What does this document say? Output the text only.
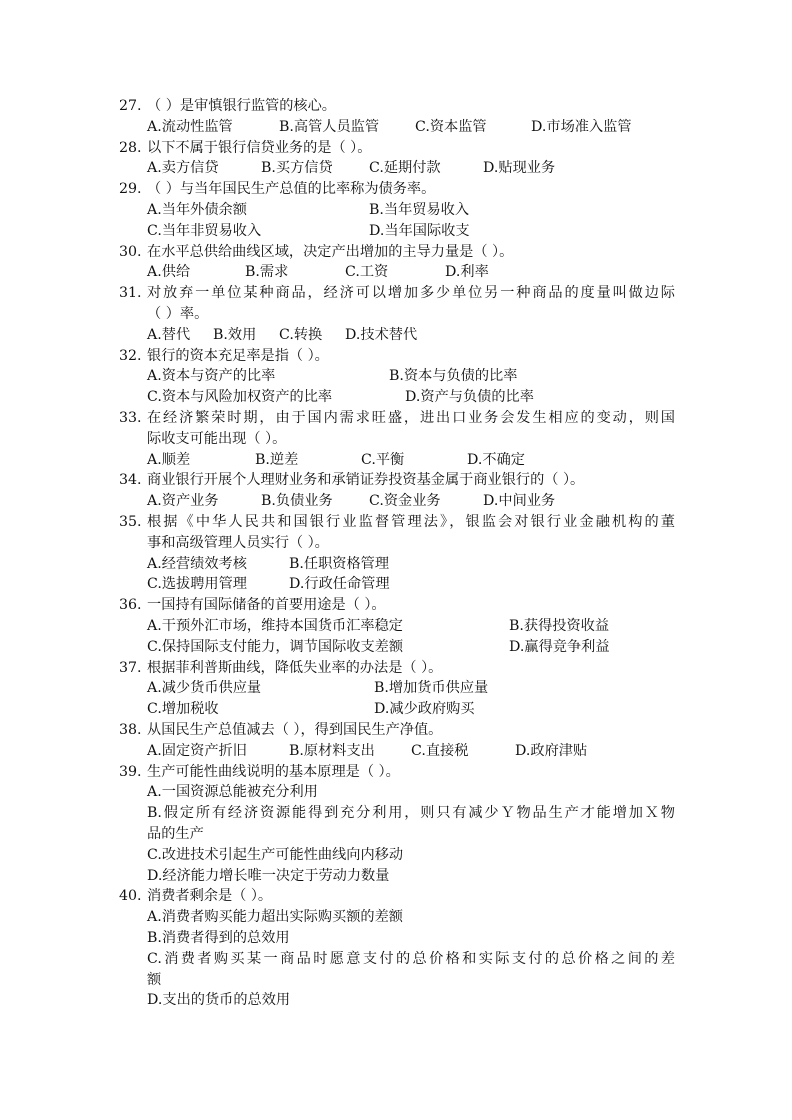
27. （ ）是审慎银行监管的核心。
A.流动性监管	B.高管人员监管	C.资本监管	D.市场准入监管
28. 以下不属于银行信贷业务的是（ ）。
A.卖方信贷	B.买方信贷	C.延期付款	D.贴现业务
29. （ ）与当年国民生产总值的比率称为债务率。
A.当年外债余额	B.当年贸易收入
C.当年非贸易收入	D.当年国际收支
30. 在水平总供给曲线区域，决定产出增加的主导力量是（ ）。
A.供给	B.需求	C.工资	D.利率
31. 对放弃一单位某种商品，经济可以增加多少单位另一种商品的度量叫做边际
（ ）率。
A.替代 B.效用 C.转换 D.技术替代
32. 银行的资本充足率是指（ ）。
A.资本与资产的比率	B.资本与负债的比率
C.资本与风险加权资产的比率	D.资产与负债的比率
33. 在经济繁荣时期，由于国内需求旺盛，进出口业务会发生相应的变动，则国
际收支可能出现（ ）。
A.顺差	B.逆差	C.平衡	D.不确定
34. 商业银行开展个人理财业务和承销证券投资基金属于商业银行的（ ）。
A.资产业务	B.负债业务	C.资金业务	D.中间业务
35. 根据《中华人民共和国银行业监督管理法》，银监会对银行业金融机构的董
事和高级管理人员实行（ ）。
A.经营绩效考核	B.任职资格管理
C.选拔聘用管理	D.行政任命管理
36. 一国持有国际储备的首要用途是（ ）。
A.干预外汇市场，维持本国货币汇率稳定	B.获得投资收益
C.保持国际支付能力，调节国际收支差额	D.赢得竞争利益
37. 根据菲利普斯曲线，降低失业率的办法是（ ）。
A.减少货币供应量	B.增加货币供应量
C.增加税收	D.减少政府购买
38. 从国民生产总值减去（ ），得到国民生产净值。
A.固定资产折旧	B.原材料支出	C.直接税	D.政府津贴
39. 生产可能性曲线说明的基本原理是（ ）。
A.一国资源总能被充分利用
B.假定所有经济资源能得到充分利用，则只有减少Ｙ物品生产才能增加Ｘ物
品的生产
C.改进技术引起生产可能性曲线向内移动
D.经济能力增长唯一决定于劳动力数量
40. 消费者剩余是（ ）。
A.消费者购买能力超出实际购买额的差额
B.消费者得到的总效用
C.消费者购买某一商品时愿意支付的总价格和实际支付的总价格之间的差
额
D.支出的货币的总效用
